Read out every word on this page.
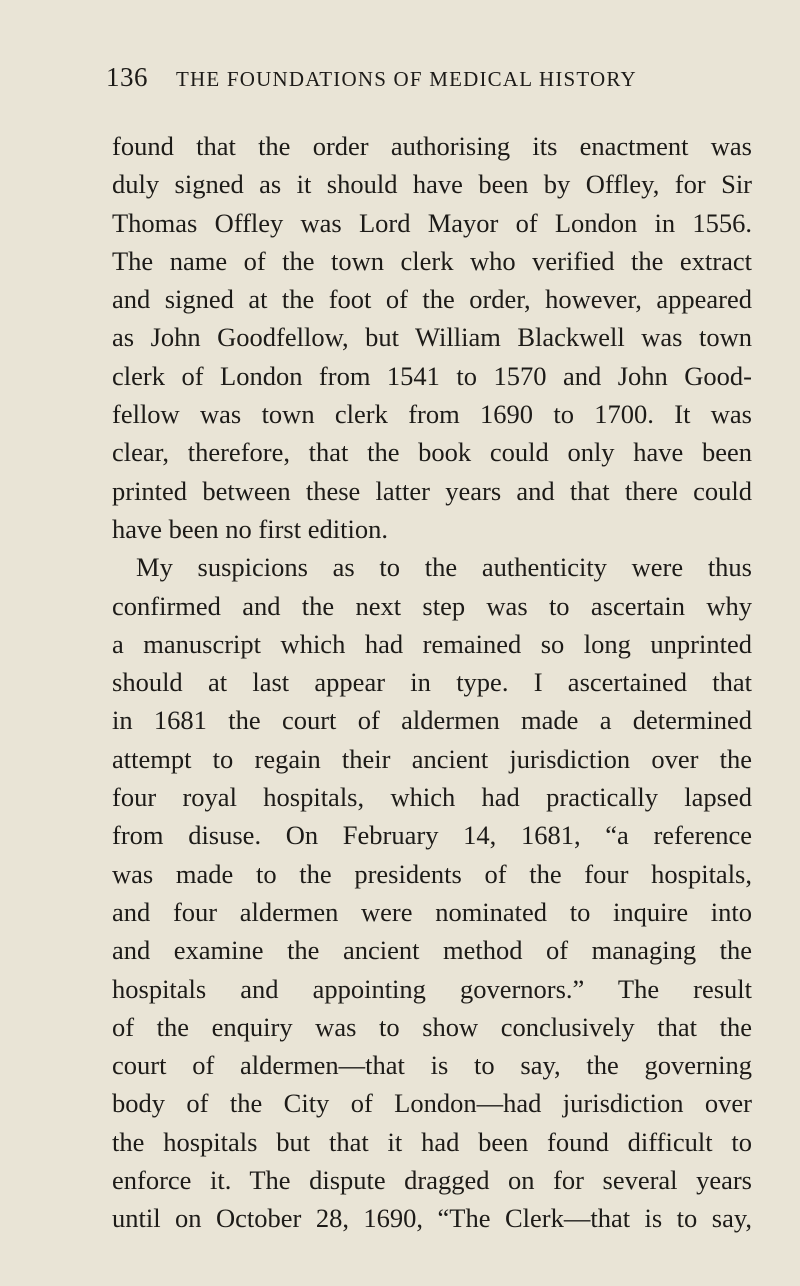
136 THE FOUNDATIONS OF MEDICAL HISTORY
found that the order authorising its enactment was
duly signed as it should have been by Offley, for Sir
Thomas Offley was Lord Mayor of London in 1556.
The name of the town clerk who verified the extract
and signed at the foot of the order, however, appeared
as John Goodfellow, but William Blackwell was town
clerk of London from 1541 to 1570 and John Good-
fellow was town clerk from 1690 to 1700. It was
clear, therefore, that the book could only have been
printed between these latter years and that there could
have been no first edition.
My suspicions as to the authenticity were thus
confirmed and the next step was to ascertain why
a manuscript which had remained so long unprinted
should at last appear in type. I ascertained that
in 1681 the court of aldermen made a determined
attempt to regain their ancient jurisdiction over the
four royal hospitals, which had practically lapsed
from disuse. On February 14, 1681, “a reference
was made to the presidents of the four hospitals,
and four aldermen were nominated to inquire into
and examine the ancient method of managing the
hospitals and appointing governors.” The result
of the enquiry was to show conclusively that the
court of aldermen—that is to say, the governing
body of the City of London—had jurisdiction over
the hospitals but that it had been found difficult to
enforce it. The dispute dragged on for several years
until on October 28, 1690, “The Clerk—that is to say,
